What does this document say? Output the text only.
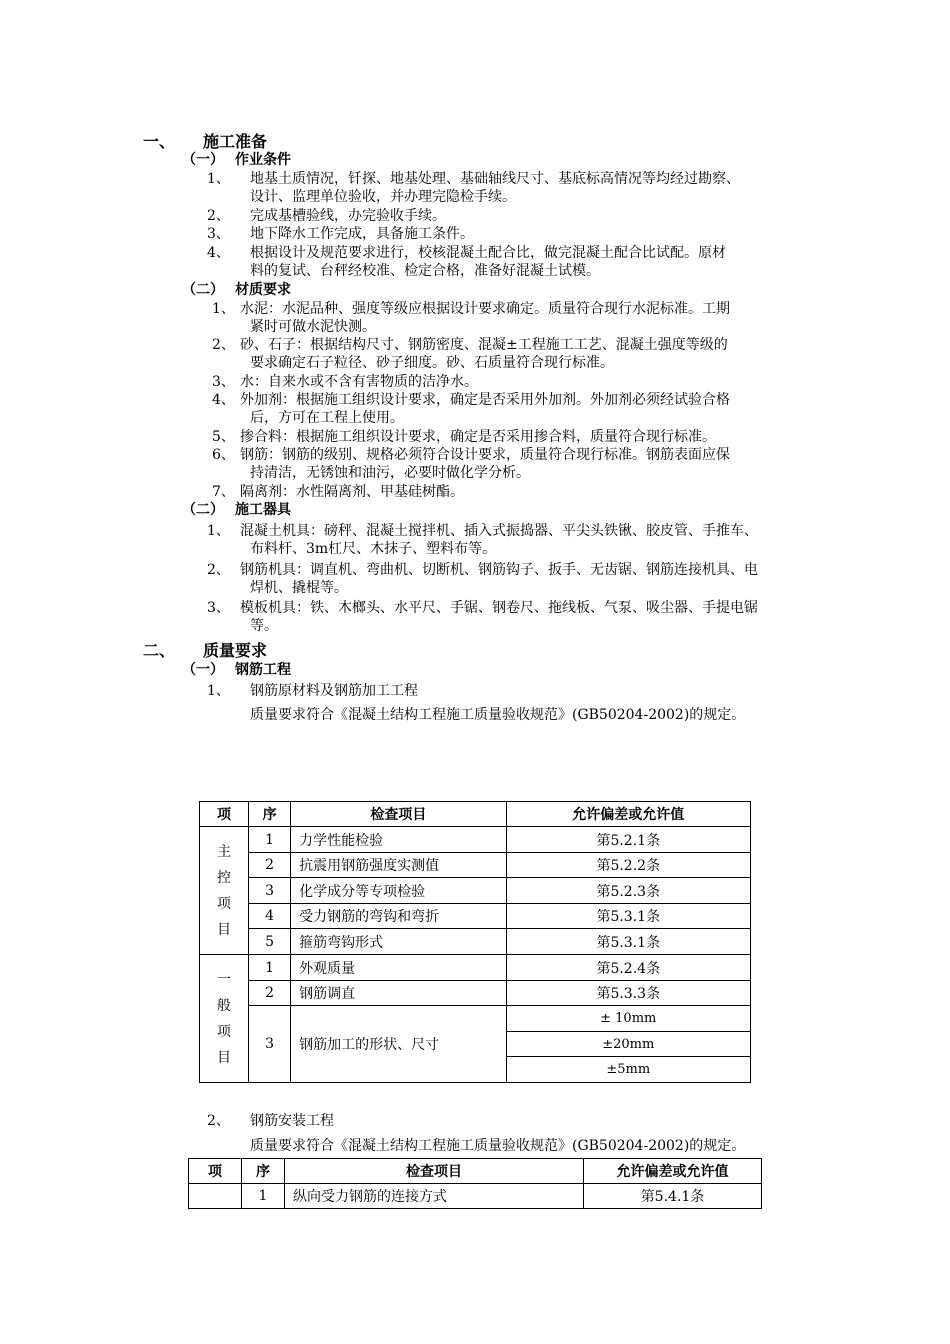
一、 施工准备
（一） 作业条件
1、 地基土质情况，钎探、地基处理、基础轴线尺寸、基底标高情况等均经过勘察、
设计、监理单位验收，并办理完隐检手续。
2、 完成基槽验线，办完验收手续。
3、 地下降水工作完成，具备施工条件。
4、 根据设计及规范要求进行，校核混凝土配合比，做完混凝土配合比试配。原材
料的复试、台秤经校准、检定合格，准备好混凝土试模。
（二） 材质要求
1、 水泥：水泥品种、强度等级应根据设计要求确定。质量符合现行水泥标准。工期
紧时可做水泥快测。
2、 砂、石子：根据结构尺寸、钢筋密度、混凝±工程施工工艺、混凝土强度等级的
要求确定石子粒径、砂子细度。砂、石质量符合现行标准。
3、 水：自来水或不含有害物质的洁净水。
4、 外加剂：根据施工组织设计要求，确定是否采用外加剂。外加剂必须经试验合格
后，方可在工程上使用。
5、 掺合料：根据施工组织设计要求，确定是否采用掺合料，质量符合现行标准。
6、 钢筋：钢筋的级别、规格必须符合设计要求，质量符合现行标准。钢筋表面应保
持清洁，无锈蚀和油污，必要时做化学分析。
7、 隔离剂：水性隔离剂、甲基硅树酯。
（二） 施工器具
1、 混凝土机具：磅秤、混凝土搅拌机、插入式振捣器、平尖头铁锹、胶皮管、手推车、
布料杆、3m杠尺、木抹子、塑料布等。
2、 钢筋机具：调直机、弯曲机、切断机、钢筋钩子、扳手、无齿锯、钢筋连接机具、电
焊机、撬棍等。
3、 模板机具：铁、木榔头、水平尺、手锯、钢卷尺、拖线板、气泵、吸尘器、手提电锯
等。
二、 质量要求
（一） 钢筋工程
1、 钢筋原材料及钢筋加工工程
质量要求符合《混凝土结构工程施工质量验收规范》(GB50204-2002)的规定。
项	序	检查项目	允许偏差或允许值

主控项目	1	力学性能检验	第5.2.1条
	2	抗震用钢筋强度实测值	第5.2.2条
	3	化学成分等专项检验	第5.2.3条
	4	受力钢筋的弯钩和弯折	第5.3.1条
	5	箍筋弯钩形式	第5.3.1条

一般项目	1	外观质量	第5.2.4条
	2	钢筋调直	第5.3.3条
	3	钢筋加工的形状、尺寸	± 10mm
			±20mm
			±5mm
2、 钢筋安装工程
质量要求符合《混凝土结构工程施工质量验收规范》(GB50204-2002)的规定。
项	序	检查项目	允许偏差或允许值
	1	纵向受力钢筋的连接方式	第5.4.1条
